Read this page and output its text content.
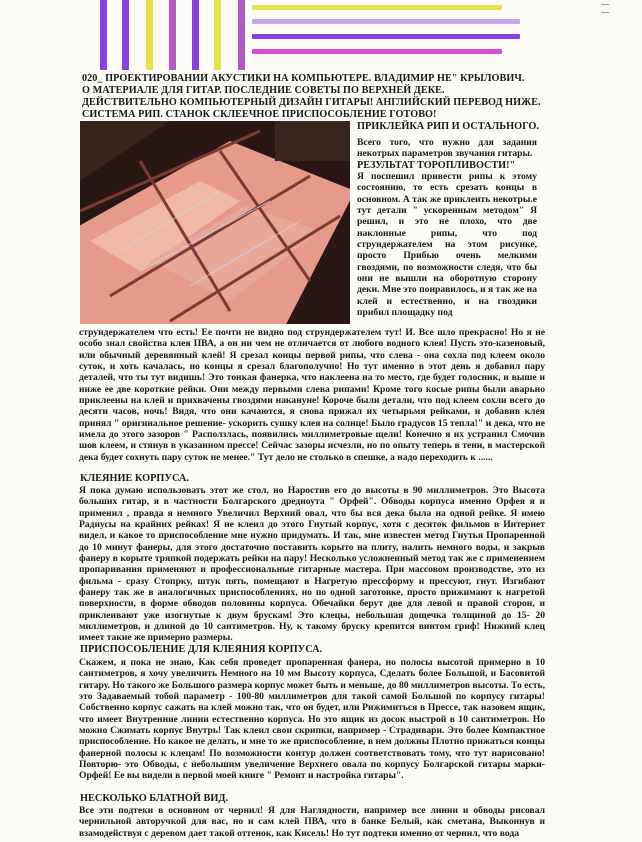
020_ ПРОЕКТИРОВАНИИ АКУСТИКИ НА КОМПЬЮТЕРЕ. ВЛАДИМИР НЕ" КРЫЛОВИЧ.
О МАТЕРИАЛЕ ДЛЯ ГИТАР. ПОСЛЕДНИЕ СОВЕТЫ ПО ВЕРХНЕЙ ДЕКЕ.
ДЕЙСТВИТЕЛЬНО КОМПЬЮТЕРНЫЙ ДИЗАЙН ГИТАРЫ! АНГЛИЙСКИЙ ПЕРЕВОД НИЖЕ.
СИСТЕМА РИП. СТАНОК СКЛЕЕЧНОЕ ПРИСПОСОБЛЕНИЕ ГОТОВО!
ПРИКЛЕЙКА РИП И ОСТАЛЬНОГО.

Всего того, что нужно для задания некотрых параметров звучания гитары.

РЕЗУЛЬТАТ ТОРОПЛИВОСТИ!"

Я поспешил привести рипы к этому состоянию, то есть срезать концы в основном. А так же приклеить некотры.е тут детали " ускоренным методом" Я решил, и это не плохо, что две наклонные рипы, что под струндержателем на этом рисунке, просто Прибью очень мелкими гвоздями, по возможности следя, что бы они не вышли на оборотную сторону деки. Мне это понравилось, и я так же на клей и естественно, и на гвоздики прибил площадку под

струндержателем что есть! Ее почти не видно под струндержателем тут! И. Все шло прекрасно! Но я не особо знал свойства клея ПВА, а он ни чем не отличается от любого водного клея! Пусть это-казеновый, или обычный деревянный клей! Я срезал концы первой рипы, что слева - она сохла под клеем около суток, и хоть качалась, но концы я срезал благополучно! Но тут именно в этот день я добавил пару деталей, что ты тут видишь! Это тонкая фанерка, что наклеена на то место, где будет голосник, и выше и ниже ее две короткие рейки. Они между первыми слева рипами! Кроме того косые рипы были аварьно приклеены на клей и прихвачены гвоздями накануне! Короче были детали, что под клеем сохли всего до десяти часов, ночь! Видя, что они качаются, я снова прижал их четырьмя рейками, и добавив клея принял " оригинальное решение- ускорить сушку клея на солнце! Было градусов 15 тепла!" и дека, что не имела до этого зазоров " Расползлась, появились миллиметровые щели! Конечно я их устранил Смочив шов клеем, и стянув в указанном прессе! Сейчас зазоры исчезли, но по опыту теперь в тени, в мастерской дека будет сохнуть пару суток не менее." Тут дело не столько в спешке, а надо переходить к ......

КЛЕЯНИЕ КОРПУСА.

Я пока думаю использовать этот же стол, но Наростив его до высоты в 90 миллиметров. Это Высота больших гитар, я в частности Болгарского дредноута " Орфей". Обводы корпуса именно Орфея я и применил , правда я немного Увеличил Верхний овал, что бы вся дека была на одной рейке. Я имею Радиусы на крайних рейках! Я не клеил до этого Гнутый корпус, хотя с десяток фильмов в Интернет видел, и какое то приспособление мне нужно придумать. И так, мне известен метод Гнутья Пропаренной до 10 минут фанеры, для этого достаточно поставить корыто на плиту, налить немного воды, и закрыв фанеру в корыте тряпкой подержать рейки на пару! Несколько усложненный метод так же с применением пропаривания применяют и профессиональные гитарные мастера. При массовом производстве, это из фильма - сразу Стопрку, штук пять, помещают в Нагретую прессформу и прессуют, гнут. Изгибают фанеру так же в аналогичных приспособлениях, но по одной заготовке, просто прижимают к нагретой поверхности, в форме обводов половины корпуса. Обечайки берут две для левой и правой сторон, и приклеивают уже изогнутые к двум брускам! Это клецы, небольшая дощечка толщиной до 15- 20 миллиметров, и длиной до 10 сантиметров. Ну, к такому бруску крепится винтом гриф! Нижний клец имеет такие же примерно размеры.

ПРИСПОСОБЛЕНИЕ ДЛЯ КЛЕЯНИЯ КОРПУСА.

Скажем, я пока не знаю, Как себя проведет пропаренная фанера, но полосы высотой примерно в 10 сантиметров, я хочу увеличить Немного на 10 мм Высоту корпуса, Сделать более Большой, и Басовитой гитару. Но такого же Большого размера корпус может быть и меньше, до 80 миллиметров высоты. То есть, это Задаваемый тобой параметр - 100-80 миллиметров для такой самой Большой по корпусу гитары! Собственно корпус сажать на клей можно так, что он будет, или Рижимиться в Прессе, так назовем ящик, что имеет Внутренние линии естественно корпуса. Но это ящик из досок выстрой в 10 сантиметров. Но можно Сжимать корпус Внутрь! Так клеил свои скрипки, например - Страдивари. Это более Компактное приспособление. Но какое не делать, и мне то же приспособление, в нем должны Плотно прижаться концы фанерной полосы к клецам! По возможности контур должен соответствовать тому, что тут нарисовано! Повторю- это Обводы, с небольшим увеличение Верхнего овала по корпусу Болгарской гитары марки- Орфей! Ее вы видели в первой моей книге " Ремонт и настройка гитары".

НЕСКОЛЬКО БЛАТНОЙ ВИД.

Все эти подтеки в основном от чернил! Я для Наглядности, например все линии и обводы рисовал чернильной авторучкой для вас, но и сам клей ПВА, что в банке Белый, как сметана, Выконнув и взамодействуя с деревом дает такой оттенок, как Кисель! Но тут подтеки именно от чернил, что вода
